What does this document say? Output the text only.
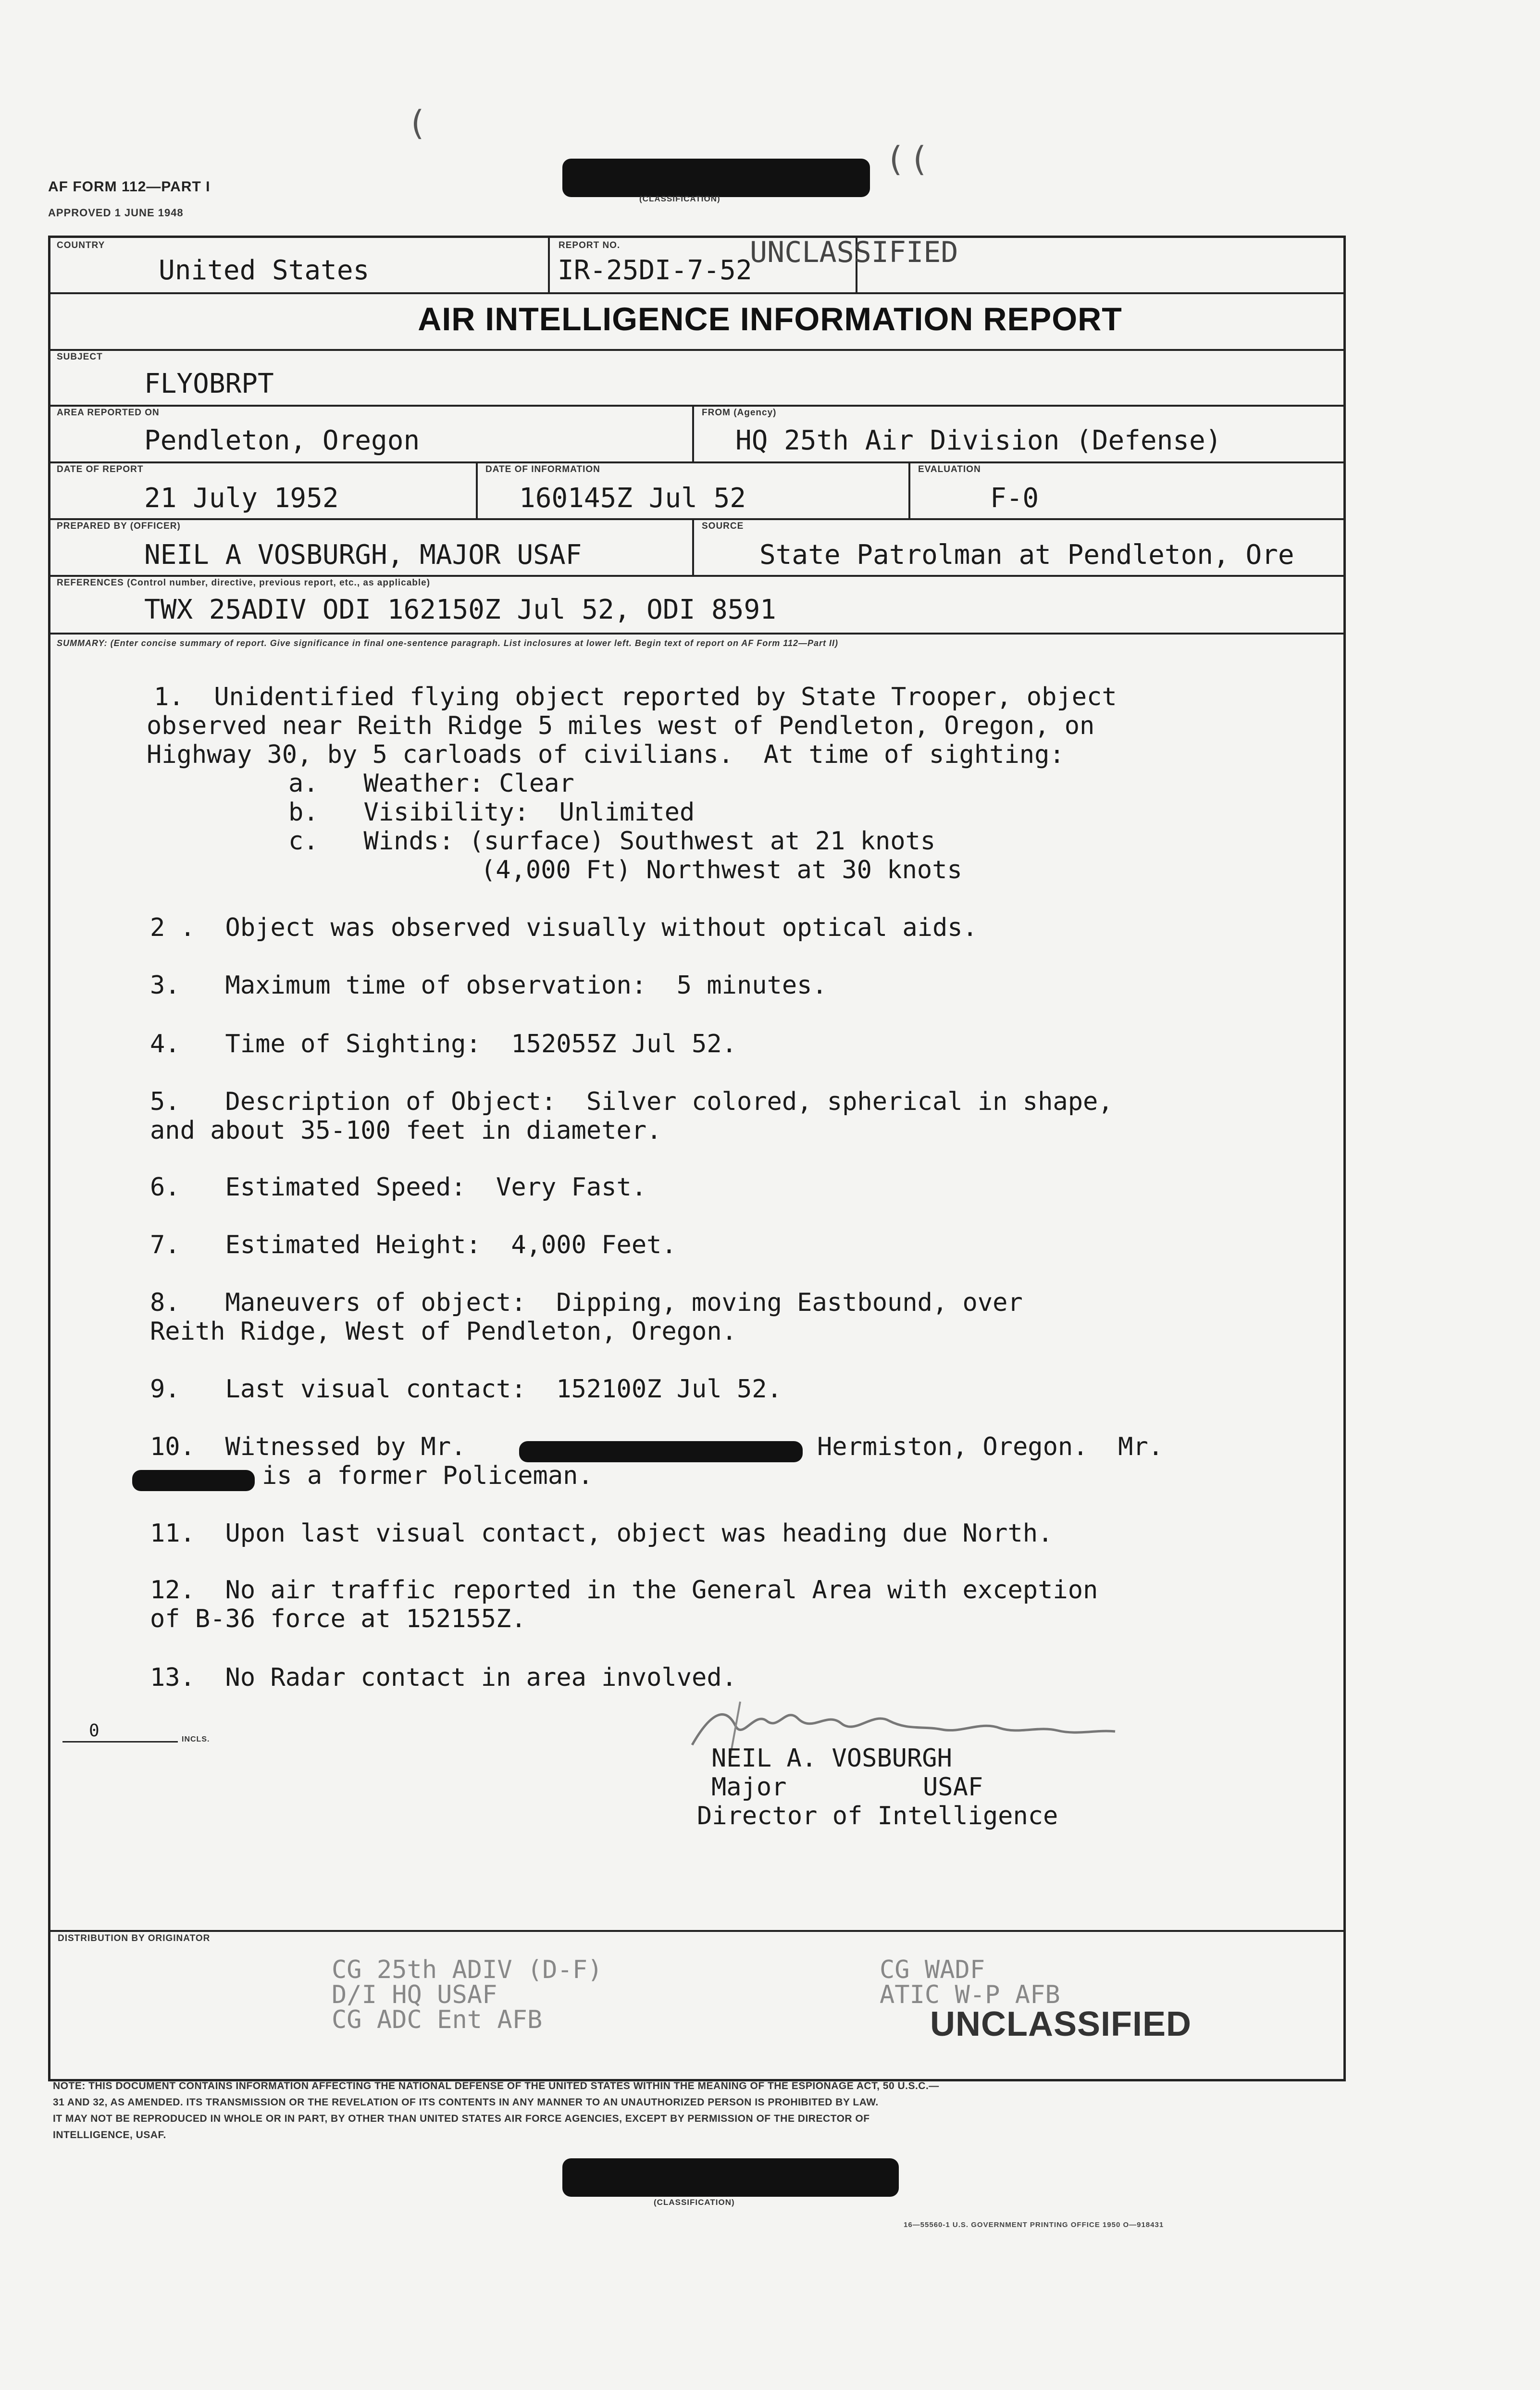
AF FORM 112—PART I
APPROVED 1 JUNE 1948
(CLASSIFICATION)
(
( (
COUNTRY
United States
REPORT NO.
IR-25DI-7-52
UNCLASSIFIED
AIR INTELLIGENCE INFORMATION REPORT
SUBJECT
FLYOBRPT
AREA REPORTED ON
Pendleton, Oregon
FROM (Agency)
HQ 25th Air Division (Defense)
DATE OF REPORT
21 July 1952
DATE OF INFORMATION
160145Z Jul 52
EVALUATION
F-0
PREPARED BY (OFFICER)
NEIL A VOSBURGH, MAJOR USAF
SOURCE
State Patrolman at Pendleton, Ore
REFERENCES (Control number, directive, previous report, etc., as applicable)
TWX 25ADIV ODI 162150Z Jul 52, ODI 8591
SUMMARY: (Enter concise summary of report. Give significance in final one-sentence paragraph. List inclosures at lower left. Begin text of report on AF Form 112—Part II)
1.  Unidentified flying object reported by State Trooper, object
observed near Reith Ridge 5 miles west of Pendleton, Oregon, on
Highway 30, by 5 carloads of civilians.  At time of sighting:
a.   Weather: Clear
b.   Visibility:  Unlimited
c.   Winds: (surface) Southwest at 21 knots
(4,000 Ft) Northwest at 30 knots
2 .  Object was observed visually without optical aids.
3.   Maximum time of observation:  5 minutes.
4.   Time of Sighting:  152055Z Jul 52.
5.   Description of Object:  Silver colored, spherical in shape,
and about 35-100 feet in diameter.
6.   Estimated Speed:  Very Fast.
7.   Estimated Height:  4,000 Feet.
8.   Maneuvers of object:  Dipping, moving Eastbound, over
Reith Ridge, West of Pendleton, Oregon.
9.   Last visual contact:  152100Z Jul 52.
10.  Witnessed by Mr.	Hermiston, Oregon.  Mr.
is a former Policeman.
11.  Upon last visual contact, object was heading due North.
12.  No air traffic reported in the General Area with exception
of B-36 force at 152155Z.
13.  No Radar contact in area involved.
0	INCLS.
NEIL A. VOSBURGH
Major	USAF
Director of Intelligence
DISTRIBUTION BY ORIGINATOR
CG 25th ADIV (D-F)
D/I HQ USAF
CG ADC Ent AFB
CG WADF
ATIC W-P AFB
UNCLASSIFIED
NOTE: THIS DOCUMENT CONTAINS INFORMATION AFFECTING THE NATIONAL DEFENSE OF THE UNITED STATES WITHIN THE MEANING OF THE ESPIONAGE ACT, 50 U.S.C.—
31 AND 32, AS AMENDED. ITS TRANSMISSION OR THE REVELATION OF ITS CONTENTS IN ANY MANNER TO AN UNAUTHORIZED PERSON IS PROHIBITED BY LAW.
IT MAY NOT BE REPRODUCED IN WHOLE OR IN PART, BY OTHER THAN UNITED STATES AIR FORCE AGENCIES, EXCEPT BY PERMISSION OF THE DIRECTOR OF
INTELLIGENCE, USAF.
(CLASSIFICATION)
16—55560-1 U.S. GOVERNMENT PRINTING OFFICE 1950 O—918431
